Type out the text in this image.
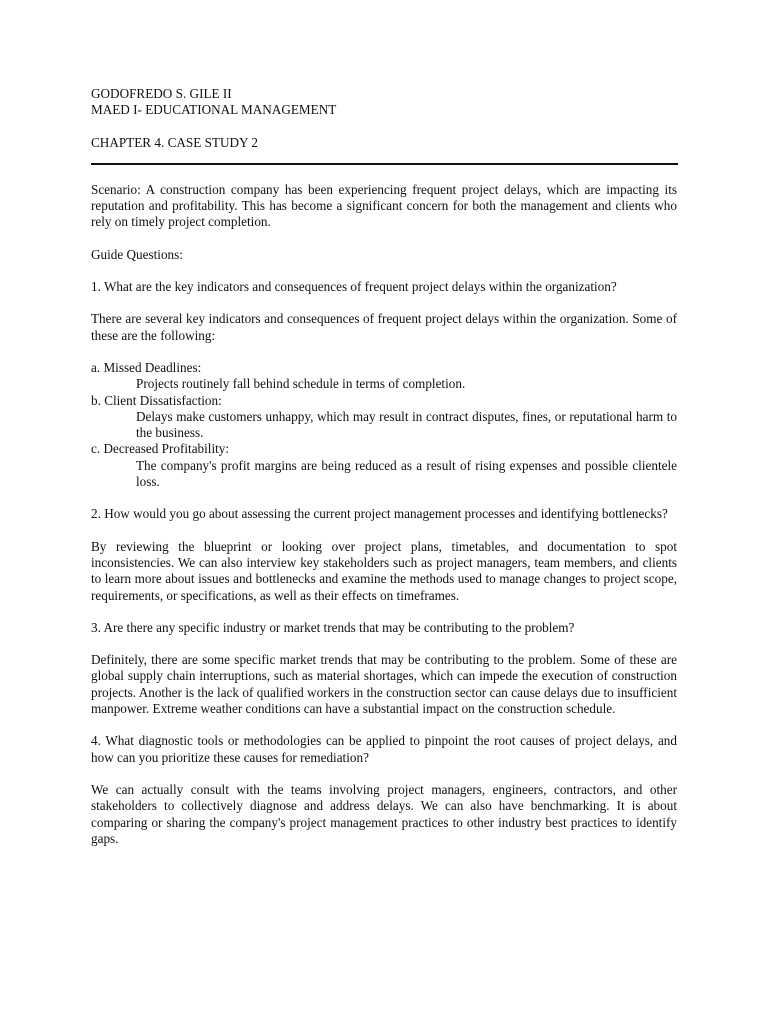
GODOFREDO S. GILE II
MAED I- EDUCATIONAL MANAGEMENT
CHAPTER 4. CASE STUDY 2

Scenario: A construction company has been experiencing frequent project delays, which are impacting its reputation and profitability. This has become a significant concern for both the management and clients who rely on timely project completion.

Guide Questions:

1. What are the key indicators and consequences of frequent project delays within the organization?

There are several key indicators and consequences of frequent project delays within the organization. Some of these are the following:

a. Missed Deadlines:
Projects routinely fall behind schedule in terms of completion.
b. Client Dissatisfaction:
Delays make customers unhappy, which may result in contract disputes, fines, or reputational harm to the business.
c. Decreased Profitability:
The company's profit margins are being reduced as a result of rising expenses and possible clientele loss.

2. How would you go about assessing the current project management processes and identifying bottlenecks?

By reviewing the blueprint or looking over project plans, timetables, and documentation to spot inconsistencies. We can also interview key stakeholders such as project managers, team members, and clients to learn more about issues and bottlenecks and examine the methods used to manage changes to project scope, requirements, or specifications, as well as their effects on timeframes.

3. Are there any specific industry or market trends that may be contributing to the problem?

Definitely, there are some specific market trends that may be contributing to the problem. Some of these are global supply chain interruptions, such as material shortages, which can impede the execution of construction projects. Another is the lack of qualified workers in the construction sector can cause delays due to insufficient manpower. Extreme weather conditions can have a substantial impact on the construction schedule.

4. What diagnostic tools or methodologies can be applied to pinpoint the root causes of project delays, and how can you prioritize these causes for remediation?

We can actually consult with the teams involving project managers, engineers, contractors, and other stakeholders to collectively diagnose and address delays. We can also have benchmarking. It is about comparing or sharing the company's project management practices to other industry best practices to identify gaps.
